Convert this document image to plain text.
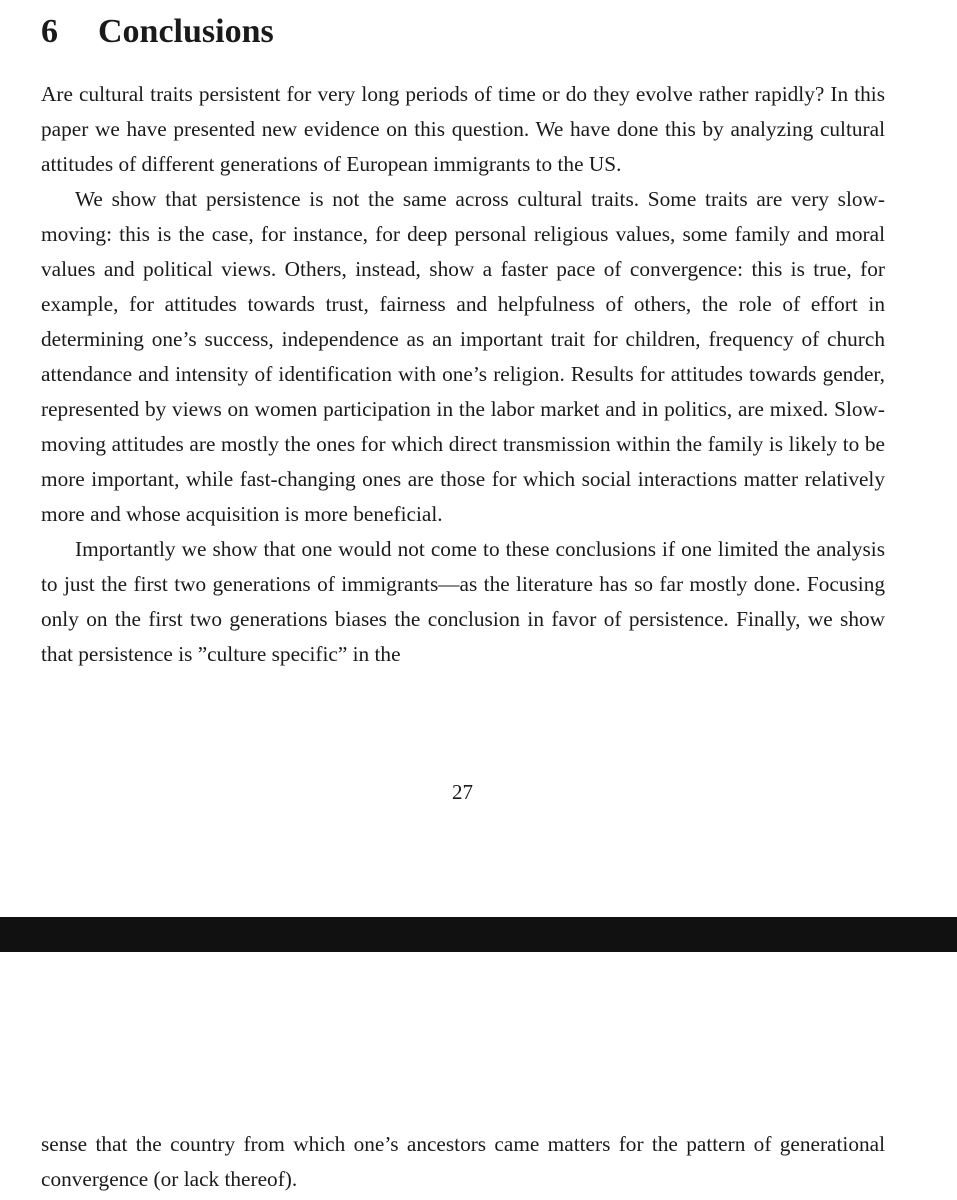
6 Conclusions

Are cultural traits persistent for very long periods of time or do they evolve rather rapidly? In this paper we have presented new evidence on this question. We have done this by analyzing cultural attitudes of different generations of European immigrants to the US.

We show that persistence is not the same across cultural traits. Some traits are very slow-moving: this is the case, for instance, for deep personal religious values, some family and moral values and political views. Others, instead, show a faster pace of convergence: this is true, for example, for attitudes towards trust, fairness and helpfulness of others, the role of effort in determining one’s success, independence as an important trait for children, frequency of church attendance and intensity of identification with one’s religion. Results for attitudes towards gender, represented by views on women participation in the labor market and in politics, are mixed. Slow-moving attitudes are mostly the ones for which direct transmission within the family is likely to be more important, while fast-changing ones are those for which social interactions matter relatively more and whose acquisition is more beneficial.

Importantly we show that one would not come to these conclusions if one limited the analysis to just the first two generations of immigrants—as the literature has so far mostly done. Focusing only on the first two generations biases the conclusion in favor of persistence. Finally, we show that persistence is ”culture specific” in the

27

sense that the country from which one’s ancestors came matters for the pattern of generational convergence (or lack thereof).
